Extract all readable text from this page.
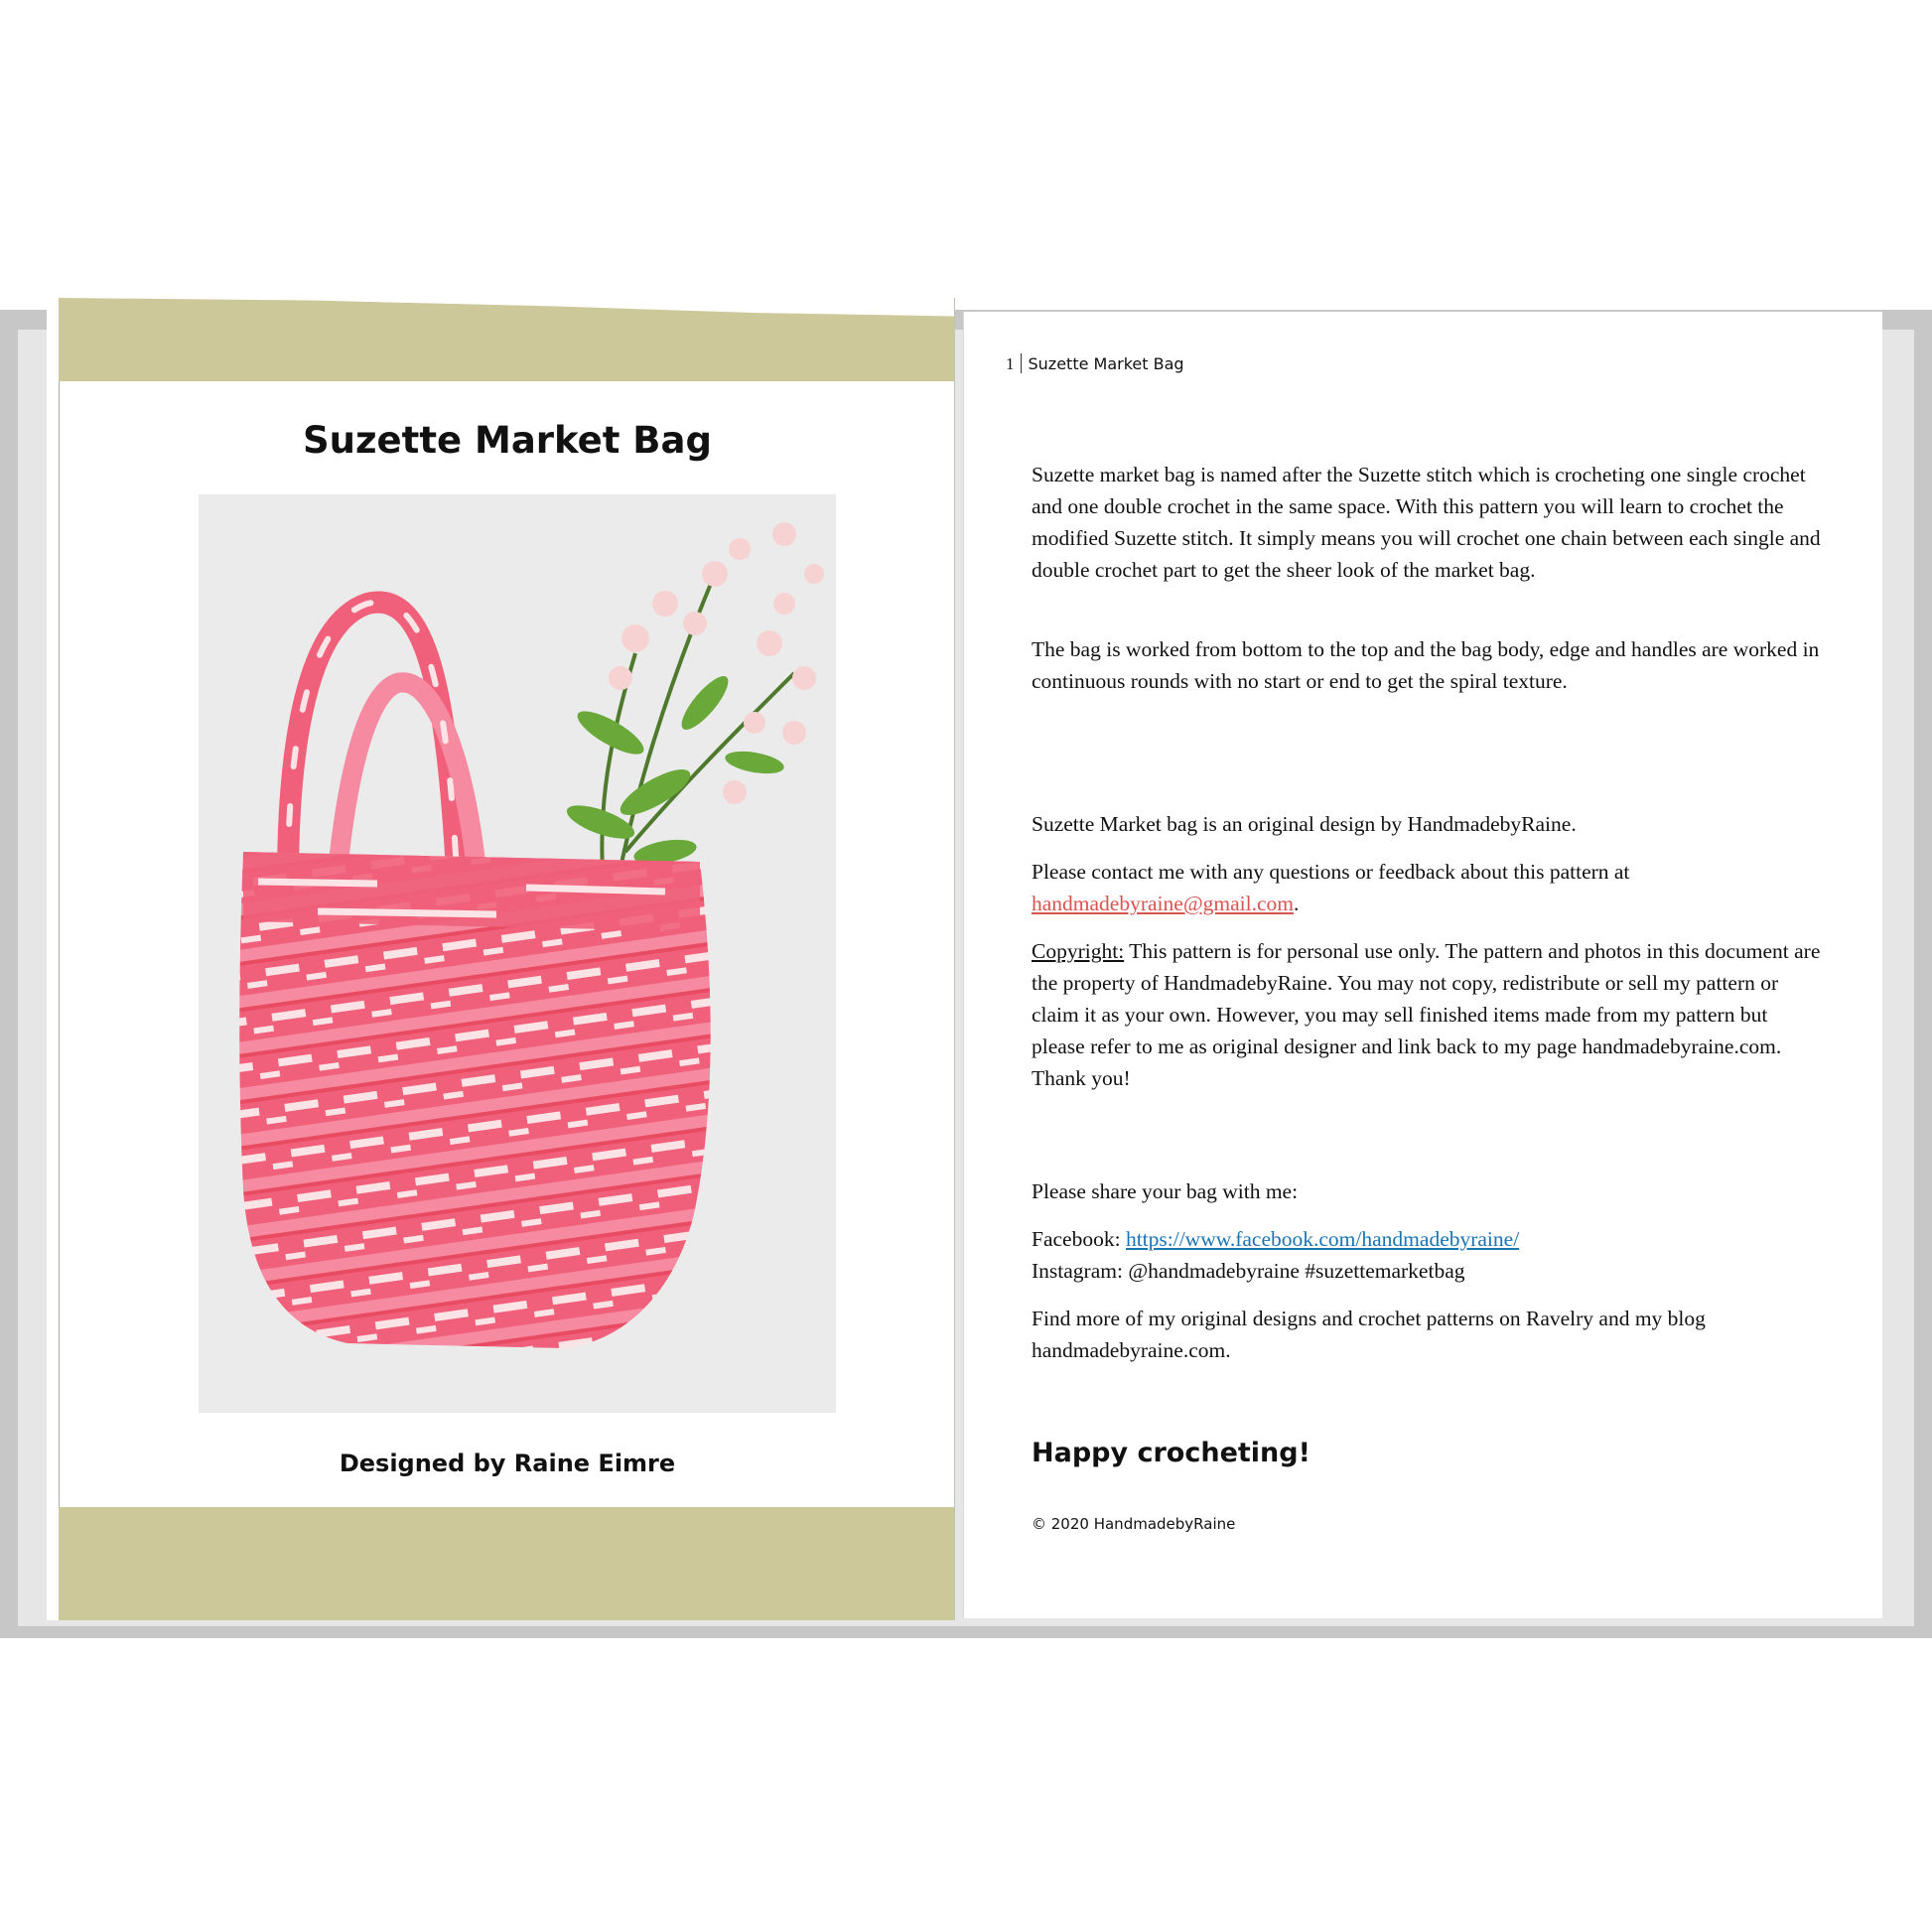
Suzette Market Bag
Designed by Raine Eimre
1 Suzette Market Bag

Suzette market bag is named after the Suzette stitch which is crocheting one single crochet and one double crochet in the same space. With this pattern you will learn to crochet the modified Suzette stitch. It simply means you will crochet one chain between each single and double crochet part to get the sheer look of the market bag.

The bag is worked from bottom to the top and the bag body, edge and handles are worked in continuous rounds with no start or end to get the spiral texture.

Suzette Market bag is an original design by HandmadebyRaine.

Please contact me with any questions or feedback about this pattern at handmadebyraine@gmail.com.

Copyright: This pattern is for personal use only. The pattern and photos in this document are the property of HandmadebyRaine. You may not copy, redistribute or sell my pattern or claim it as your own. However, you may sell finished items made from my pattern but please refer to me as original designer and link back to my page handmadebyraine.com. Thank you!

Please share your bag with me:

Facebook: https://www.facebook.com/handmadebyraine/

Instagram: @handmadebyraine #suzettemarketbag

Find more of my original designs and crochet patterns on Ravelry and my blog handmadebyraine.com.

Happy crocheting!
© 2020 HandmadebyRaine
